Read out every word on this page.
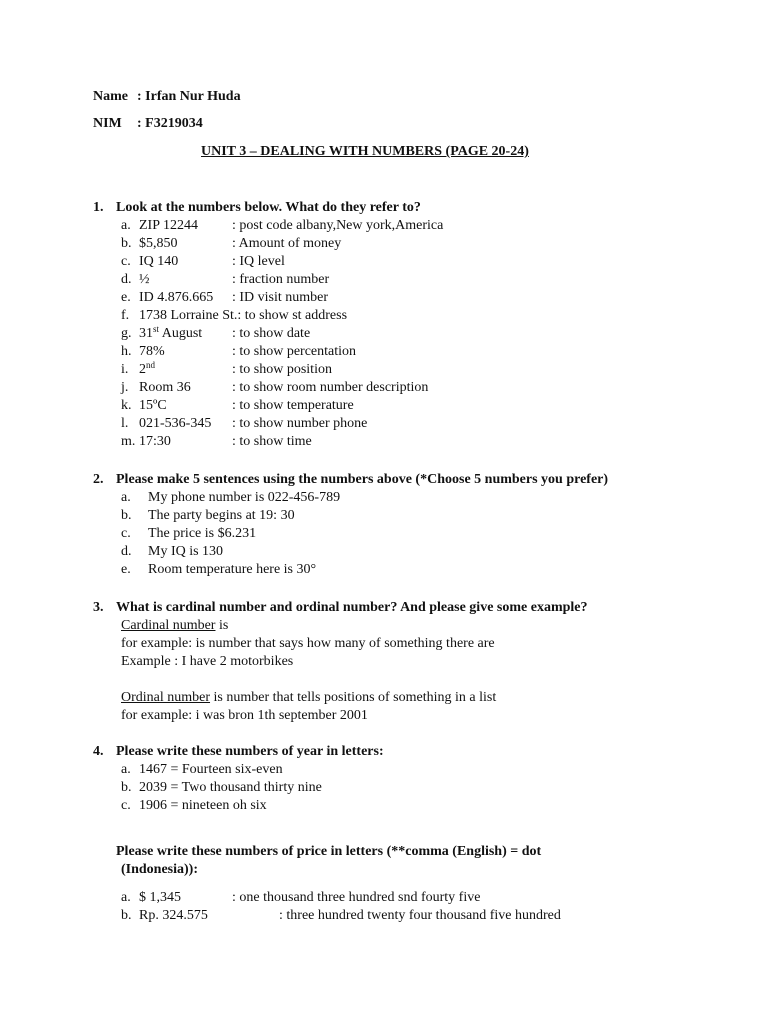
Name : Irfan Nur Huda
NIM : F3219034
UNIT 3 – DEALING WITH NUMBERS (PAGE 20-24)
1. Look at the numbers below. What do they refer to?
a. ZIP 12244 : post code albany,New york,America
b. $5,850	: Amount of money
c. IQ 140	: IQ level
d. ½	: fraction number
e. ID 4.876.665 : ID visit number
f. 1738 Lorraine St.: to show st address
g. 31st August : to show date
h. 78%	: to show percentation
i. 2nd	: to show position
j. Room 36	: to show room number description
k. 15ºC	: to show temperature
l. 021-536-345 : to show number phone
m. 17:30	: to show time
2. Please make 5 sentences using the numbers above (*Choose 5 numbers you prefer)
a. My phone number is 022-456-789
b. The party begins at 19: 30
c. The price is $6.231
d. My IQ is 130
e. Room temperature here is 30°
3. What is cardinal number and ordinal number? And please give some example?
Cardinal number is
for example: is number that says how many of something there are
Example : I have 2 motorbikes
Ordinal number is number that tells positions of something in a list
for example: i was bron 1th september 2001
4. Please write these numbers of year in letters:
a. 1467 = Fourteen six-even
b. 2039 = Two thousand thirty nine
c. 1906 = nineteen oh six
Please write these numbers of price in letters (**comma (English) = dot
(Indonesia)):
a. $ 1,345	: one thousand three hundred snd fourty five
b. Rp. 324.575	: three hundred twenty four thousand five hundred
